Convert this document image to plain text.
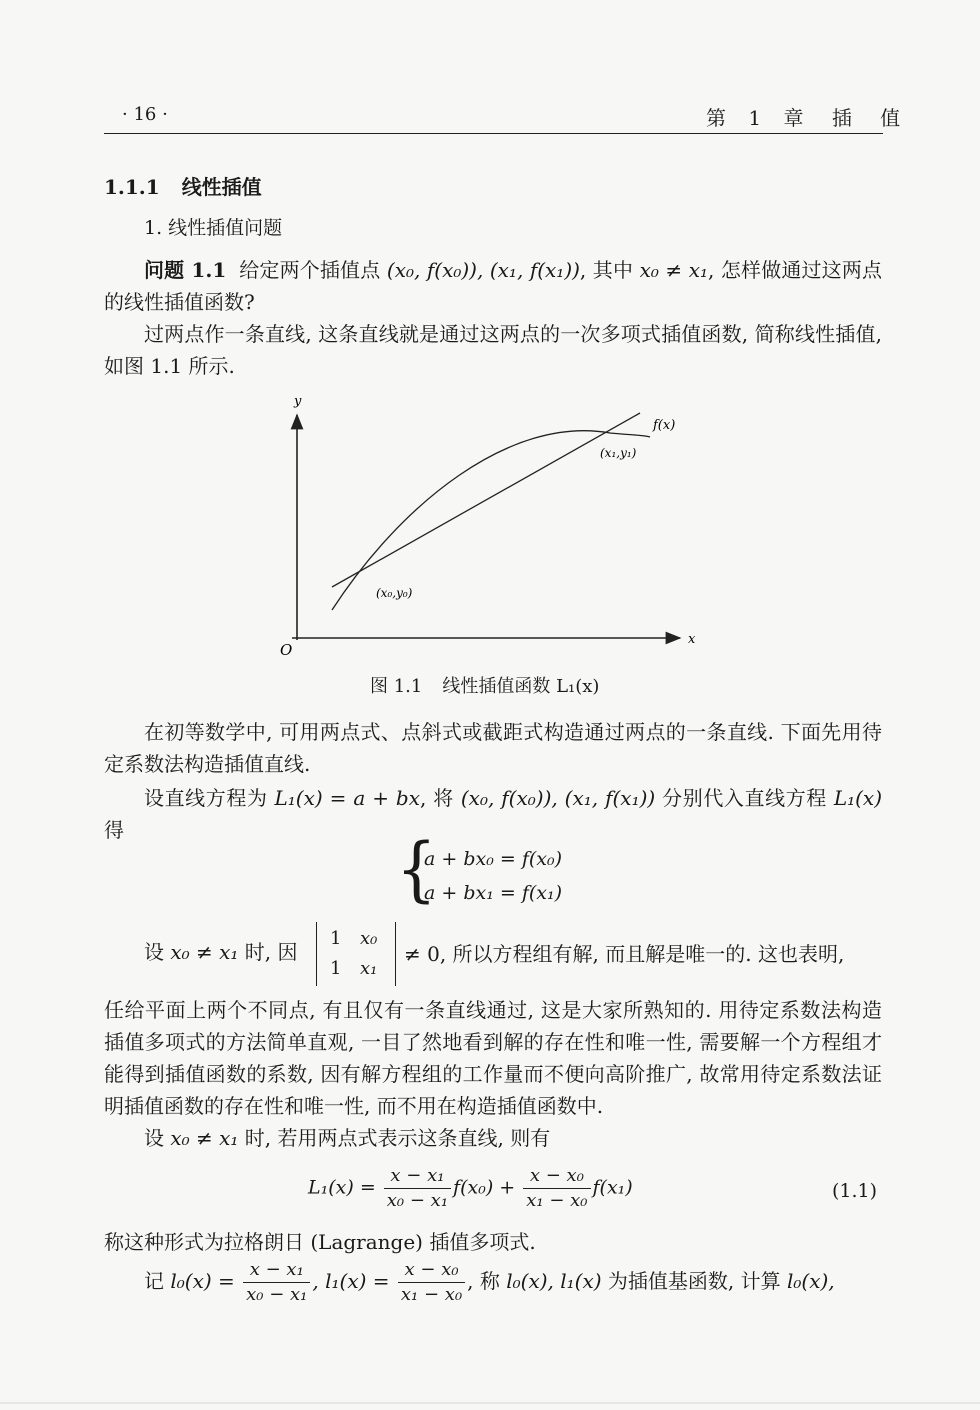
· 16 ·	第 1 章 插 值
1.1.1 线性插值
1. 线性插值问题

问题 1.1 给定两个插值点 (x₀, f(x₀)), (x₁, f(x₁)), 其中 x₀ ≠ x₁, 怎样做通过这两点的线性插值函数?

过两点作一条直线, 这条直线就是通过这两点的一次多项式插值函数, 简称线性插值, 如图 1.1 所示.

y
x
O
f(x)
(x₁,y₁)
(x₀,y₀)
图 1.1 线性插值函数 L₁(x)

在初等数学中, 可用两点式、点斜式或截距式构造通过两点的一条直线. 下面先用待定系数法构造插值直线.

设直线方程为 L₁(x) = a + bx, 将 (x₀, f(x₀)), (x₁, f(x₁)) 分别代入直线方程 L₁(x) 得	{
a + bx₀ = f(x₀)
a + bx₁ = f(x₁)
设 x₀ ≠ x₁ 时, 因
1 x₀
1 x₁
≠ 0, 所以方程组有解, 而且解是唯一的. 这也表明,

任给平面上两个不同点, 有且仅有一条直线通过, 这是大家所熟知的. 用待定系数法构造插值多项式的方法简单直观, 一目了然地看到解的存在性和唯一性, 需要解一个方程组才能得到插值函数的系数, 因有解方程组的工作量而不便向高阶推广, 故常用待定系数法证明插值函数的存在性和唯一性, 而不用在构造插值函数中.

设 x₀ ≠ x₁ 时, 若用两点式表示这条直线, 则有

$L_1(x) = \frac{\text{x − x₁}}{\text{x₀ − x₁}} f(x_0) + \frac{\text{x − x₀}}{\text{x₁ − x₀}} f(x_1)$	(1.1)

称这种形式为拉格朗日 (Lagrange) 插值多项式.

记 $l_0(x) = \frac{\text{x − x₁}}{\text{x₀ − x₁}}$ , $l_1(x) = \frac{\text{x − x₀}}{\text{x₁ − x₀}}$ , 称 l₀(x), l₁(x) 为插值基函数, 计算 l₀(x),
